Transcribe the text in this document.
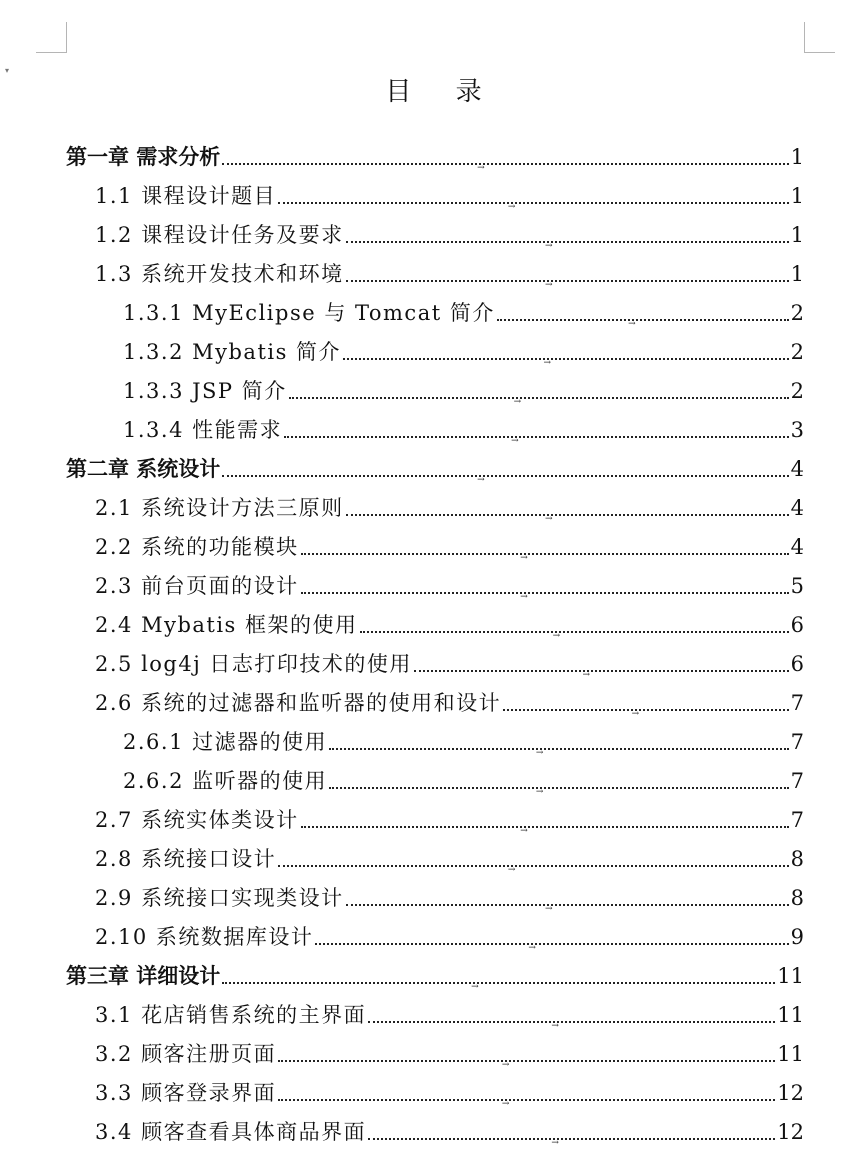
▾
目 录
第一章 需求分析	→	1
1.1 课程设计题目	→	1
1.2 课程设计任务及要求	→	1
1.3 系统开发技术和环境	→	1
1.3.1 MyEclipse 与 Tomcat 简介	→	2
1.3.2 Mybatis 简介	→	2
1.3.3 JSP 简介	→	2
1.3.4 性能需求	→	3
第二章 系统设计	→	4
2.1 系统设计方法三原则	→	4
2.2 系统的功能模块	→	4
2.3 前台页面的设计	→	5
2.4 Mybatis 框架的使用	→	6
2.5 log4j 日志打印技术的使用	→	6
2.6 系统的过滤器和监听器的使用和设计	→	7
2.6.1 过滤器的使用	→	7
2.6.2 监听器的使用	→	7
2.7 系统实体类设计	→	7
2.8 系统接口设计	→	8
2.9 系统接口实现类设计	→	8
2.10 系统数据库设计	→	9
第三章 详细设计	→	11
3.1 花店销售系统的主界面	→	11
3.2 顾客注册页面	→	11
3.3 顾客登录界面	→	12
3.4 顾客查看具体商品界面	→	12
